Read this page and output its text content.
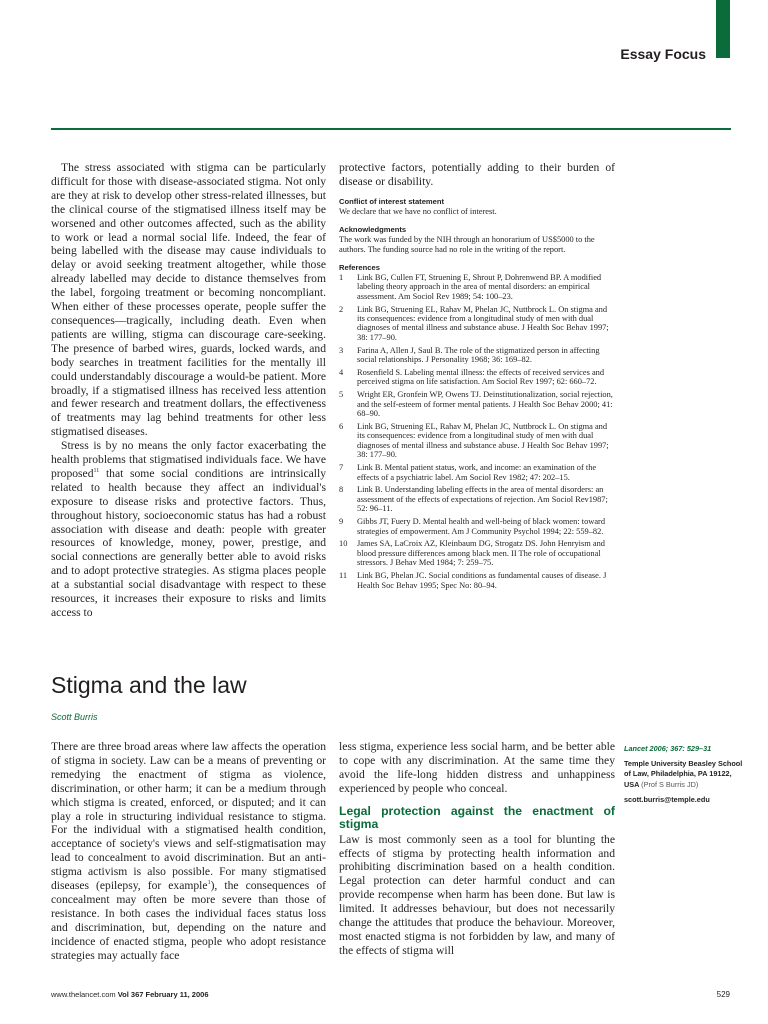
Essay Focus

The stress associated with stigma can be particularly difficult for those with disease-associated stigma. Not only are they at risk to develop other stress-related illnesses, but the clinical course of the stigmatised illness itself may be worsened and other outcomes affected, such as the ability to work or lead a normal social life. Indeed, the fear of being labelled with the disease may cause individuals to delay or avoid seeking treatment altogether, while those already labelled may decide to distance themselves from the label, forgoing treatment or becoming noncompliant. When either of these processes operate, people suffer the consequences—tragically, including death. Even when patients are willing, stigma can discourage care-seeking. The presence of barbed wires, guards, locked wards, and body searches in treatment facilities for the mentally ill could understandably discourage a would-be patient. More broadly, if a stigmatised illness has received less attention and fewer research and treatment dollars, the effectiveness of treatments may lag behind treatments for other less stigmatised diseases.

Stress is by no means the only factor exacerbating the health problems that stigmatised individuals face. We have proposed$^{11}$ that some social conditions are intrinsically related to health because they affect an individual's exposure to disease risks and protective factors. Thus, throughout history, socioeconomic status has had a robust association with disease and death: people with greater resources of knowledge, money, power, prestige, and social connections are generally better able to avoid risks and to adopt protective strategies. As stigma places people at a substantial social disadvantage with respect to these resources, it increases their exposure to risks and limits access to

protective factors, potentially adding to their burden of disease or disability.

Conflict of interest statement

We declare that we have no conflict of interest.

Acknowledgments

The work was funded by the NIH through an honorarium of US$5000 to the authors. The funding source had no role in the writing of the report.

References
1	Link BG, Cullen FT, Struening E, Shrout P, Dohrenwend BP. A modified labeling theory approach in the area of mental disorders: an empirical assessment. Am Sociol Rev 1989; 54: 100–23.
2	Link BG, Struening EL, Rahav M, Phelan JC, Nuttbrock L. On stigma and its consequences: evidence from a longitudinal study of men with dual diagnoses of mental illness and substance abuse. J Health Soc Behav 1997; 38: 177–90.
3	Farina A, Allen J, Saul B. The role of the stigmatized person in affecting social relationships. J Personality 1968; 36: 169–82.
4	Rosenfield S. Labeling mental illness: the effects of received services and perceived stigma on life satisfaction. Am Sociol Rev 1997; 62: 660–72.
5	Wright ER, Gronfein WP, Owens TJ. Deinstitutionalization, social rejection, and the self-esteem of former mental patients. J Health Soc Behav 2000; 41: 68–90.
6	Link BG, Struening EL, Rahav M, Phelan JC, Nuttbrock L. On stigma and its consequences: evidence from a longitudinal study of men with dual diagnoses of mental illness and substance abuse. J Health Soc Behav 1997; 38: 177–90.
7	Link B. Mental patient status, work, and income: an examination of the effects of a psychiatric label. Am Sociol Rev 1982; 47: 202–15.
8	Link B. Understanding labeling effects in the area of mental disorders: an assessment of the effects of expectations of rejection. Am Sociol Rev1987; 52: 96–11.
9	Gibbs JT, Fuery D. Mental health and well-being of black women: toward strategies of empowerment. Am J Community Psychol 1994; 22: 559–82.
10	James SA, LaCroix AZ, Kleinbaum DG, Strogatz DS. John Henryism and blood pressure differences among black men. II The role of occupational stressors. J Behav Med 1984; 7: 259–75.
11	Link BG, Phelan JC. Social conditions as fundamental causes of disease. J Health Soc Behav 1995; Spec No: 80–94.
Stigma and the law
Scott Burris

There are three broad areas where law affects the operation of stigma in society. Law can be a means of preventing or remedying the enactment of stigma as violence, discrimination, or other harm; it can be a medium through which stigma is created, enforced, or disputed; and it can play a role in structuring individual resistance to stigma. For the individual with a stigmatised health condition, acceptance of society's views and self-stigmatisation may lead to concealment to avoid discrimination. But an anti-stigma activism is also possible. For many stigmatised diseases (epilepsy, for example$^1$), the consequences of concealment may often be more severe than those of resistance. In both cases the individual faces status loss and discrimination, but, depending on the nature and incidence of enacted stigma, people who adopt resistance strategies may actually face

less stigma, experience less social harm, and be better able to cope with any discrimination. At the same time they avoid the life-long hidden distress and unhappiness experienced by people who conceal.

Legal protection against the enactment of stigma

Law is most commonly seen as a tool for blunting the effects of stigma by protecting health information and prohibiting discrimination based on a health condition. Legal protection can deter harmful conduct and can provide recompense when harm has been done. But law is limited. It addresses behaviour, but does not necessarily change the attitudes that produce the behaviour. Moreover, most enacted stigma is not forbidden by law, and many of the effects of stigma will

Lancet 2006; 367: 529–31
Temple University Beasley School of Law, Philadelphia, PA 19122, USA (Prof S Burris JD)
scott.burris@temple.edu
www.thelancet.com Vol 367 February 11, 2006	529
